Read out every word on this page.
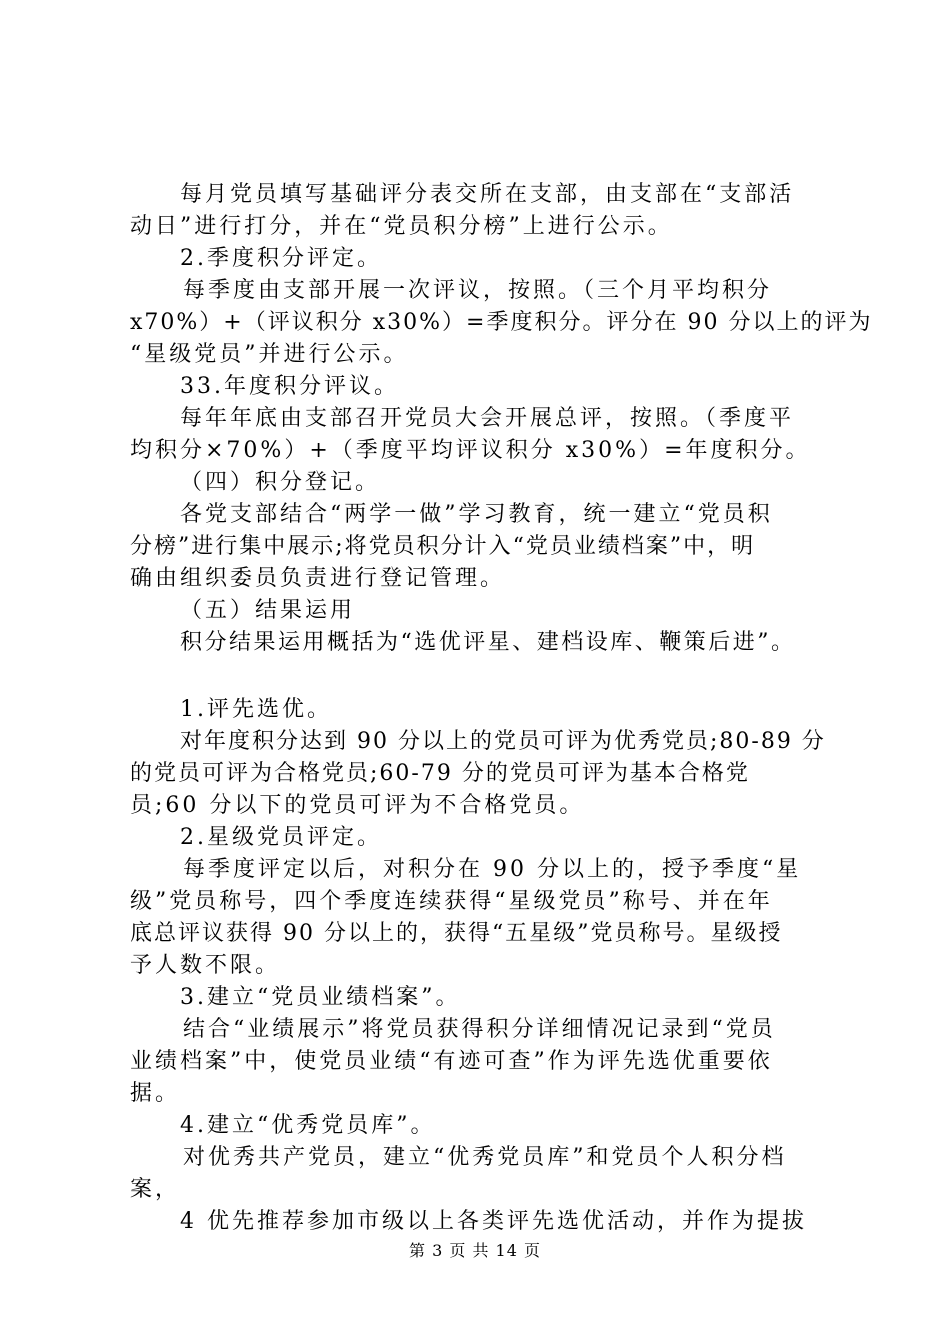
每月党员填写基础评分表交所在支部，由支部在“支部活
动日”进行打分，并在“党员积分榜”上进行公示。
2.季度积分评定。
每季度由支部开展一次评议，按照。（三个月平均积分
x70%）+（评议积分 x30%）=季度积分。评分在 90 分以上的评为
“星级党员”并进行公示。
33.年度积分评议。
每年年底由支部召开党员大会开展总评，按照。（季度平
均积分×70%）+（季度平均评议积分 x30%）=年度积分。
（四）积分登记。
各党支部结合“两学一做”学习教育，统一建立“党员积
分榜”进行集中展示;将党员积分计入“党员业绩档案”中，明
确由组织委员负责进行登记管理。
（五）结果运用
积分结果运用概括为“选优评星、建档设库、鞭策后进”。
1.评先选优。
对年度积分达到 90 分以上的党员可评为优秀党员;80-89 分
的党员可评为合格党员;60-79 分的党员可评为基本合格党
员;60 分以下的党员可评为不合格党员。
2.星级党员评定。
每季度评定以后，对积分在 90 分以上的，授予季度“星
级”党员称号，四个季度连续获得“星级党员”称号、并在年
底总评议获得 90 分以上的，获得“五星级”党员称号。星级授
予人数不限。
3.建立“党员业绩档案”。
结合“业绩展示”将党员获得积分详细情况记录到“党员
业绩档案”中，使党员业绩“有迹可查”作为评先选优重要依
据。
4.建立“优秀党员库”。
对优秀共产党员，建立“优秀党员库”和党员个人积分档
案，
4 优先推荐参加市级以上各类评先选优活动，并作为提拔
第 3 页 共 14 页
